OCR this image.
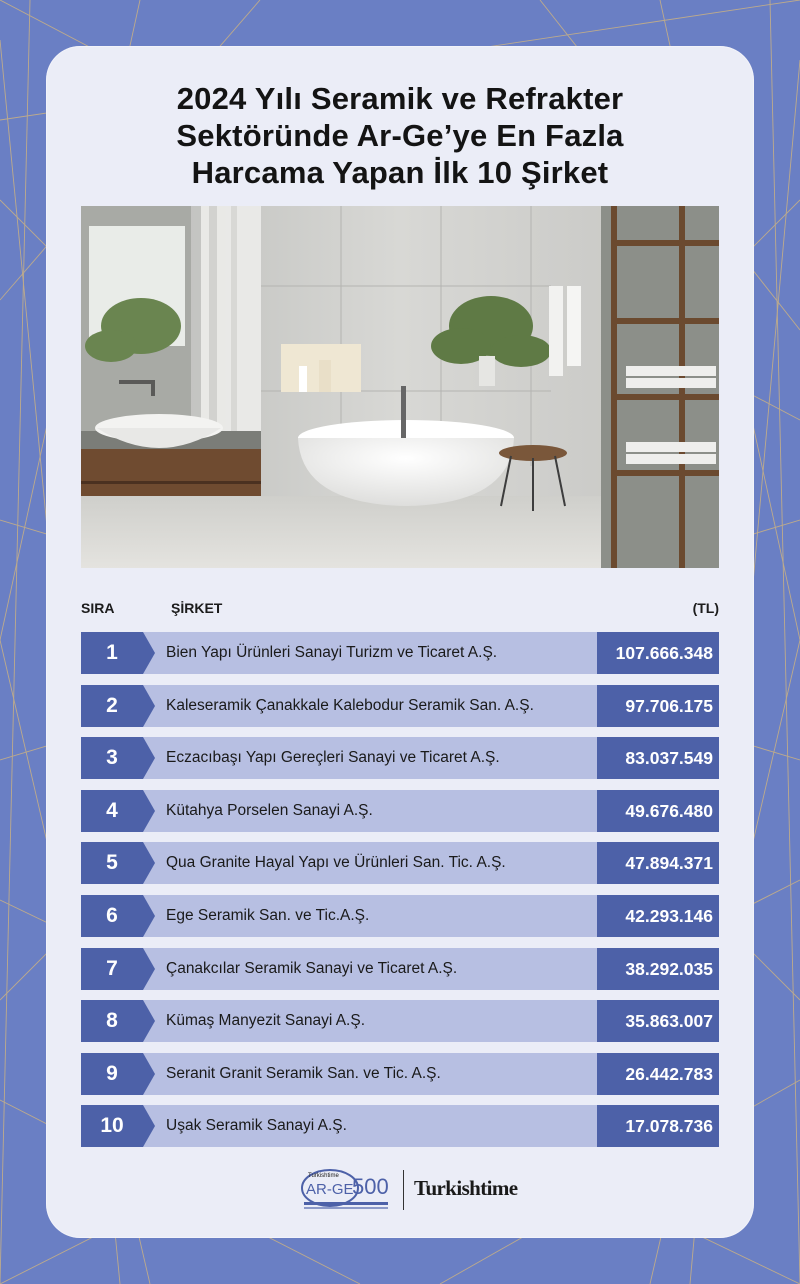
2024 Yılı Seramik ve Refrakter
Sektöründe Ar-Ge’ye En Fazla
Harcama Yapan İlk 10 Şirket
SIRA	ŞİRKET	(TL)
1	Bien Yapı Ürünleri Sanayi Turizm ve Ticaret A.Ş.	107.666.348
2	Kaleseramik Çanakkale Kalebodur Seramik San. A.Ş.	97.706.175
3	Eczacıbaşı Yapı Gereçleri Sanayi ve Ticaret A.Ş.	83.037.549
4	Kütahya Porselen Sanayi A.Ş.	49.676.480
5	Qua Granite Hayal Yapı ve Ürünleri San. Tic. A.Ş.	47.894.371
6	Ege Seramik San. ve Tic.A.Ş.	42.293.146
7	Çanakcılar Seramik Sanayi ve Ticaret A.Ş.	38.292.035
8	Kümaş Manyezit Sanayi A.Ş.	35.863.007
9	Seranit Granit Seramik San. ve Tic. A.Ş.	26.442.783
10	Uşak Seramik Sanayi A.Ş.	17.078.736
Turkishtime
AR-GE
500 Turkishtime
